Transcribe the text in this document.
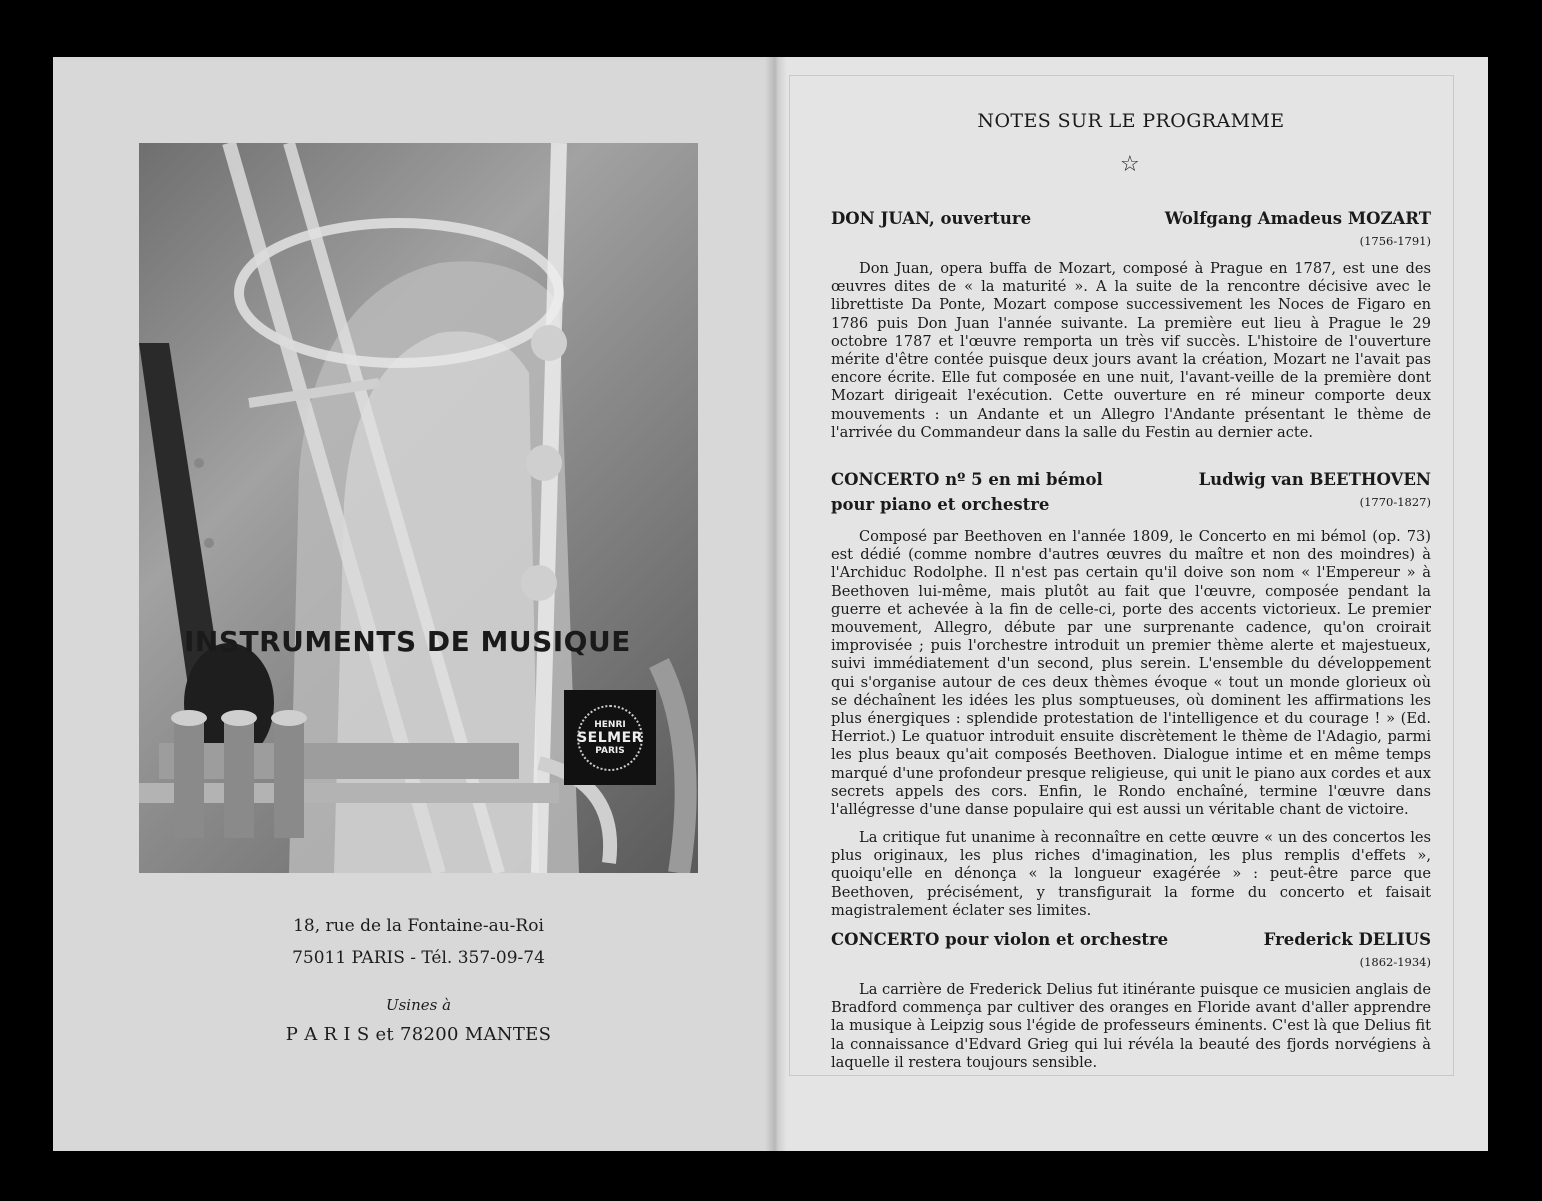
INSTRUMENTS DE MUSIQUE
HENRI
SELMER
PARIS
18, rue de la Fontaine-au-Roi
75011 PARIS - Tél. 357-09-74
Usines à
P A R I S et 78200 MANTES
NOTES SUR LE PROGRAMME
☆
DON JUAN, ouverture	Wolfgang Amadeus MOZART
(1756-1791)

Don Juan, opera buffa de Mozart, composé à Prague en 1787, est une des œuvres dites de « la maturité ». A la suite de la rencontre décisive avec le librettiste Da Ponte, Mozart compose successivement les Noces de Figaro en 1786 puis Don Juan l'année suivante. La première eut lieu à Prague le 29 octobre 1787 et l'œuvre remporta un très vif succès. L'histoire de l'ouverture mérite d'être contée puisque deux jours avant la création, Mozart ne l'avait pas encore écrite. Elle fut composée en une nuit, l'avant-veille de la première dont Mozart dirigeait l'exécution. Cette ouverture en ré mineur comporte deux mouvements : un Andante et un Allegro l'Andante présentant le thème de l'arrivée du Commandeur dans la salle du Festin au dernier acte.

CONCERTO nº 5 en mi bémol
pour piano et orchestre
Ludwig van BEETHOVEN
(1770-1827)

Composé par Beethoven en l'année 1809, le Concerto en mi bémol (op. 73) est dédié (comme nombre d'autres œuvres du maître et non des moindres) à l'Archiduc Rodolphe. Il n'est pas certain qu'il doive son nom « l'Empereur » à Beethoven lui-même, mais plutôt au fait que l'œuvre, composée pendant la guerre et achevée à la fin de celle-ci, porte des accents victorieux. Le premier mouvement, Allegro, débute par une surprenante cadence, qu'on croirait improvisée ; puis l'orchestre introduit un premier thème alerte et majestueux, suivi immédiatement d'un second, plus serein. L'ensemble du développement qui s'organise autour de ces deux thèmes évoque « tout un monde glorieux où se déchaînent les idées les plus somptueuses, où dominent les affirmations les plus énergiques : splendide protestation de l'intelligence et du courage ! » (Ed. Herriot.) Le quatuor introduit ensuite discrètement le thème de l'Adagio, parmi les plus beaux qu'ait composés Beethoven. Dialogue intime et en même temps marqué d'une profondeur presque religieuse, qui unit le piano aux cordes et aux secrets appels des cors. Enfin, le Rondo enchaîné, termine l'œuvre dans l'allégresse d'une danse populaire qui est aussi un véritable chant de victoire.

La critique fut unanime à reconnaître en cette œuvre « un des concertos les plus originaux, les plus riches d'imagination, les plus remplis d'effets », quoiqu'elle en dénonça « la longueur exagérée » : peut-être parce que Beethoven, précisément, y transfigurait la forme du concerto et faisait magistralement éclater ses limites.

CONCERTO pour violon et orchestre	Frederick DELIUS
(1862-1934)

La carrière de Frederick Delius fut itinérante puisque ce musicien anglais de Bradford commença par cultiver des oranges en Floride avant d'aller apprendre la musique à Leipzig sous l'égide de professeurs éminents. C'est là que Delius fit la connaissance d'Edvard Grieg qui lui révéla la beauté des fjords norvégiens à laquelle il restera toujours sensible.
